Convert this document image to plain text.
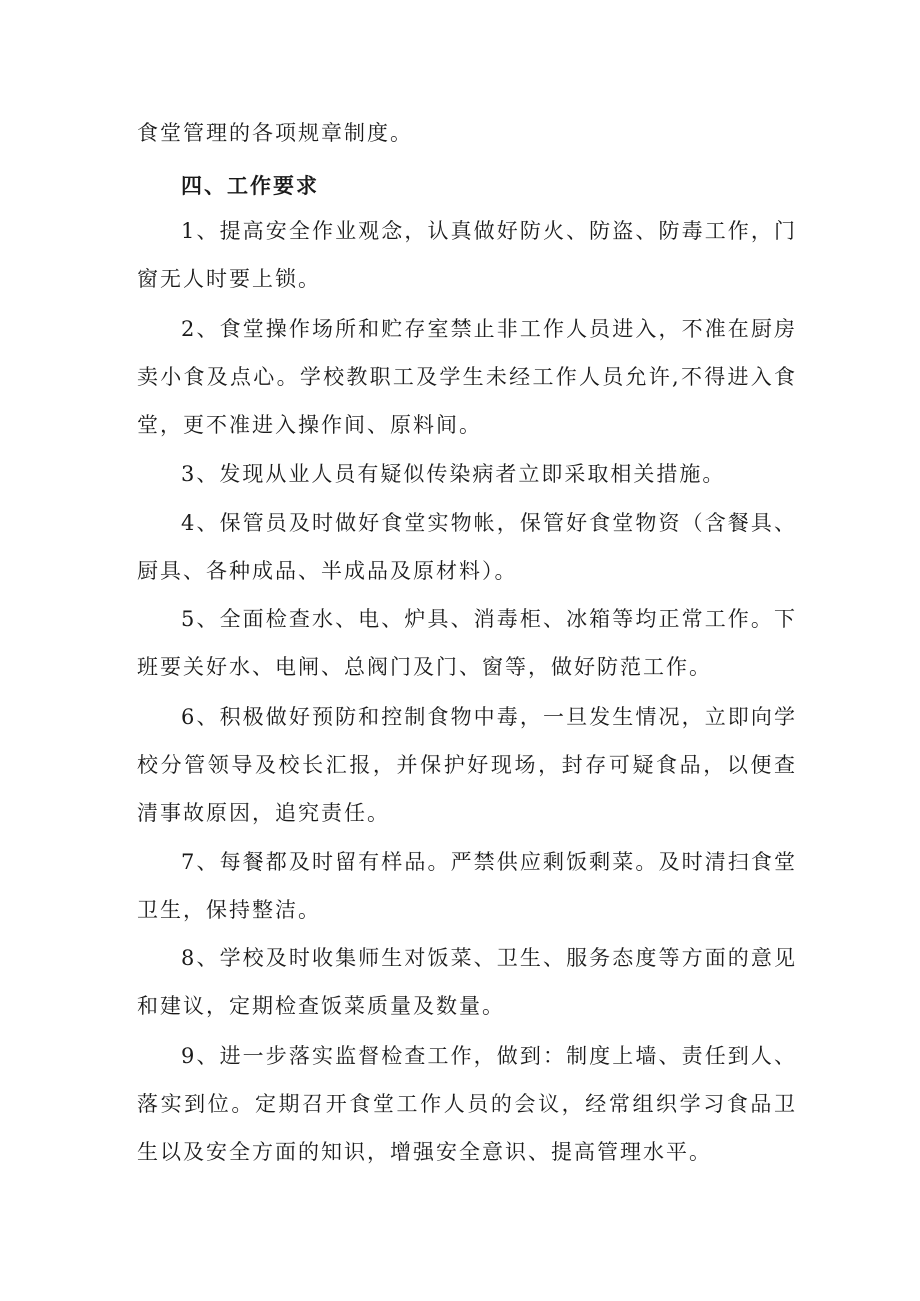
食堂管理的各项规章制度。

四、工作要求

1、提高安全作业观念，认真做好防火、防盗、防毒工作，门窗无人时要上锁。

2、食堂操作场所和贮存室禁止非工作人员进入，不准在厨房卖小食及点心。学校教职工及学生未经工作人员允许,不得进入食堂，更不准进入操作间、原料间。

3、发现从业人员有疑似传染病者立即采取相关措施。

4、保管员及时做好食堂实物帐，保管好食堂物资（含餐具、厨具、各种成品、半成品及原材料）。

5、全面检查水、电、炉具、消毒柜、冰箱等均正常工作。下班要关好水、电闸、总阀门及门、窗等，做好防范工作。

6、积极做好预防和控制食物中毒，一旦发生情况，立即向学校分管领导及校长汇报，并保护好现场，封存可疑食品，以便查清事故原因，追究责任。

7、每餐都及时留有样品。严禁供应剩饭剩菜。及时清扫食堂卫生，保持整洁。

8、学校及时收集师生对饭菜、卫生、服务态度等方面的意见和建议，定期检查饭菜质量及数量。

9、进一步落实监督检查工作，做到：制度上墙、责任到人、落实到位。定期召开食堂工作人员的会议，经常组织学习食品卫生以及安全方面的知识，增强安全意识、提高管理水平。
